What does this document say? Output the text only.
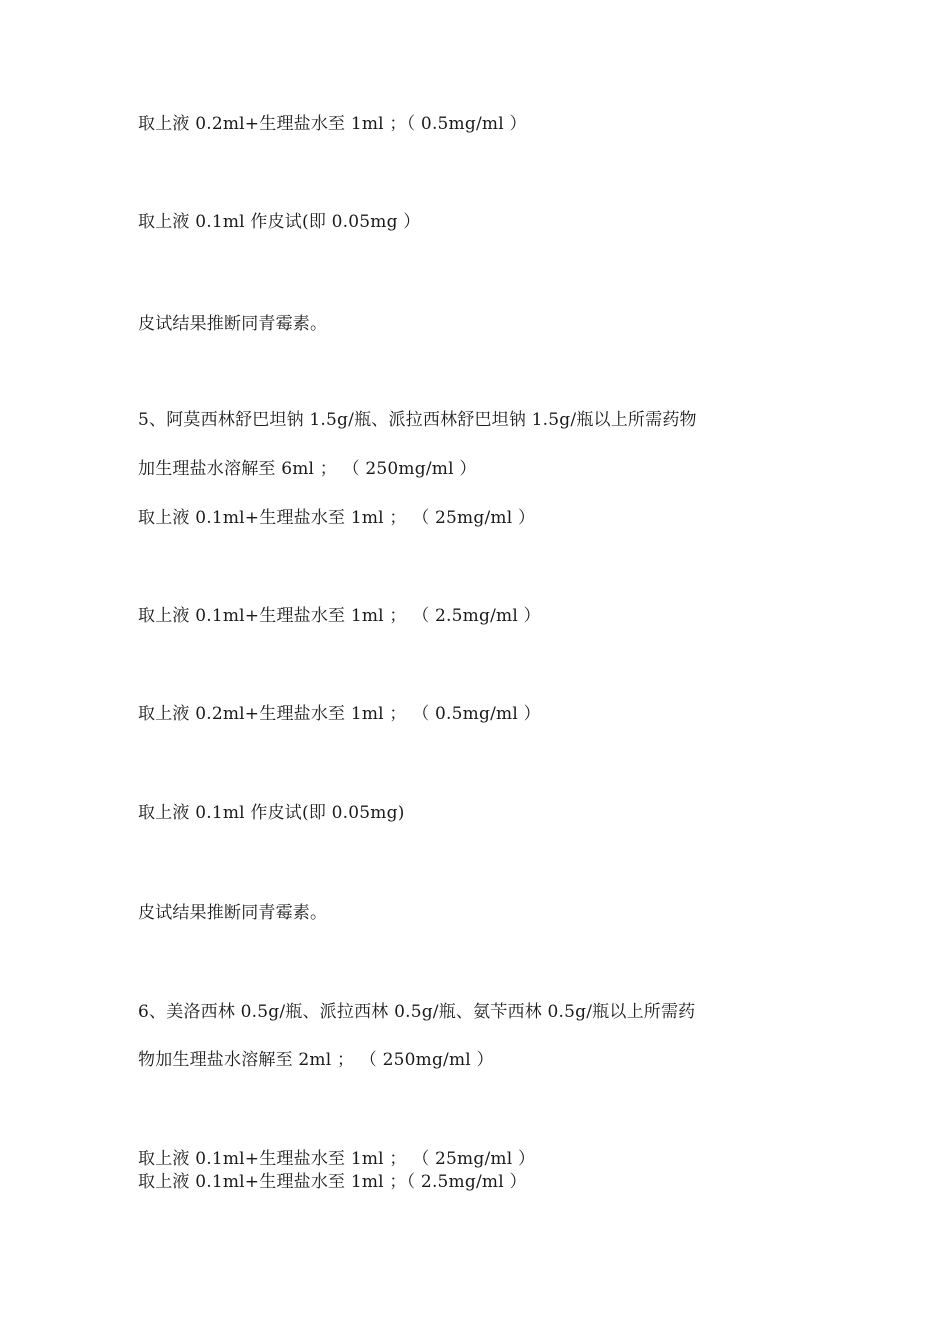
取上液 0.2ml+生理盐水至 1ml ；（ 0.5mg/ml ）
取上液 0.1ml 作皮试(即 0.05mg ）
皮试结果推断同青霉素。
5、阿莫西林舒巴坦钠 1.5g/瓶、派拉西林舒巴坦钠 1.5g/瓶以上所需药物
加生理盐水溶解至 6ml ； （ 250mg/ml ）
取上液 0.1ml+生理盐水至 1ml ； （ 25mg/ml ）
取上液 0.1ml+生理盐水至 1ml ； （ 2.5mg/ml ）
取上液 0.2ml+生理盐水至 1ml ； （ 0.5mg/ml ）
取上液 0.1ml 作皮试(即 0.05mg)
皮试结果推断同青霉素。
6、美洛西林 0.5g/瓶、派拉西林 0.5g/瓶、氨苄西林 0.5g/瓶以上所需药
物加生理盐水溶解至 2ml ； （ 250mg/ml ）
取上液 0.1ml+生理盐水至 1ml ； （ 25mg/ml ）
取上液 0.1ml+生理盐水至 1ml ；（ 2.5mg/ml ）
